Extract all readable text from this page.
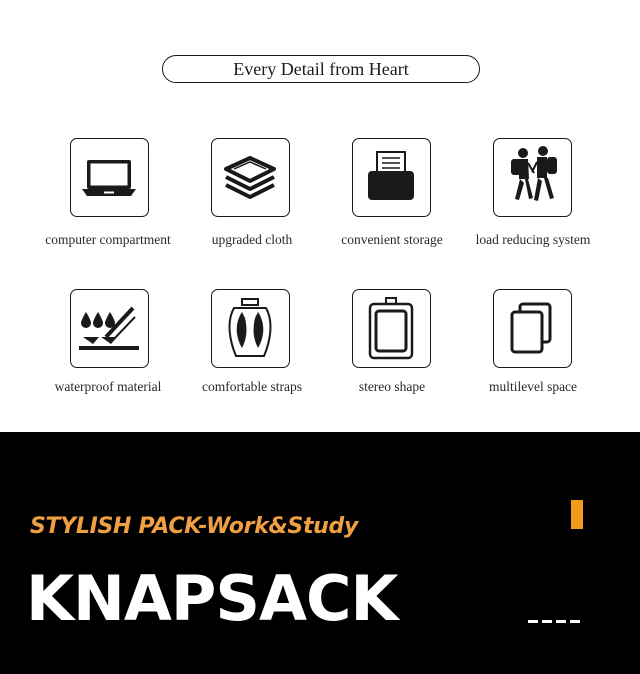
Every Detail from Heart
computer compartment	upgraded cloth	convenient storage	load reducing system
waterproof material	comfortable straps	stereo shape	multilevel space
STYLISH PACK-Work&Study
KNAPSACK
